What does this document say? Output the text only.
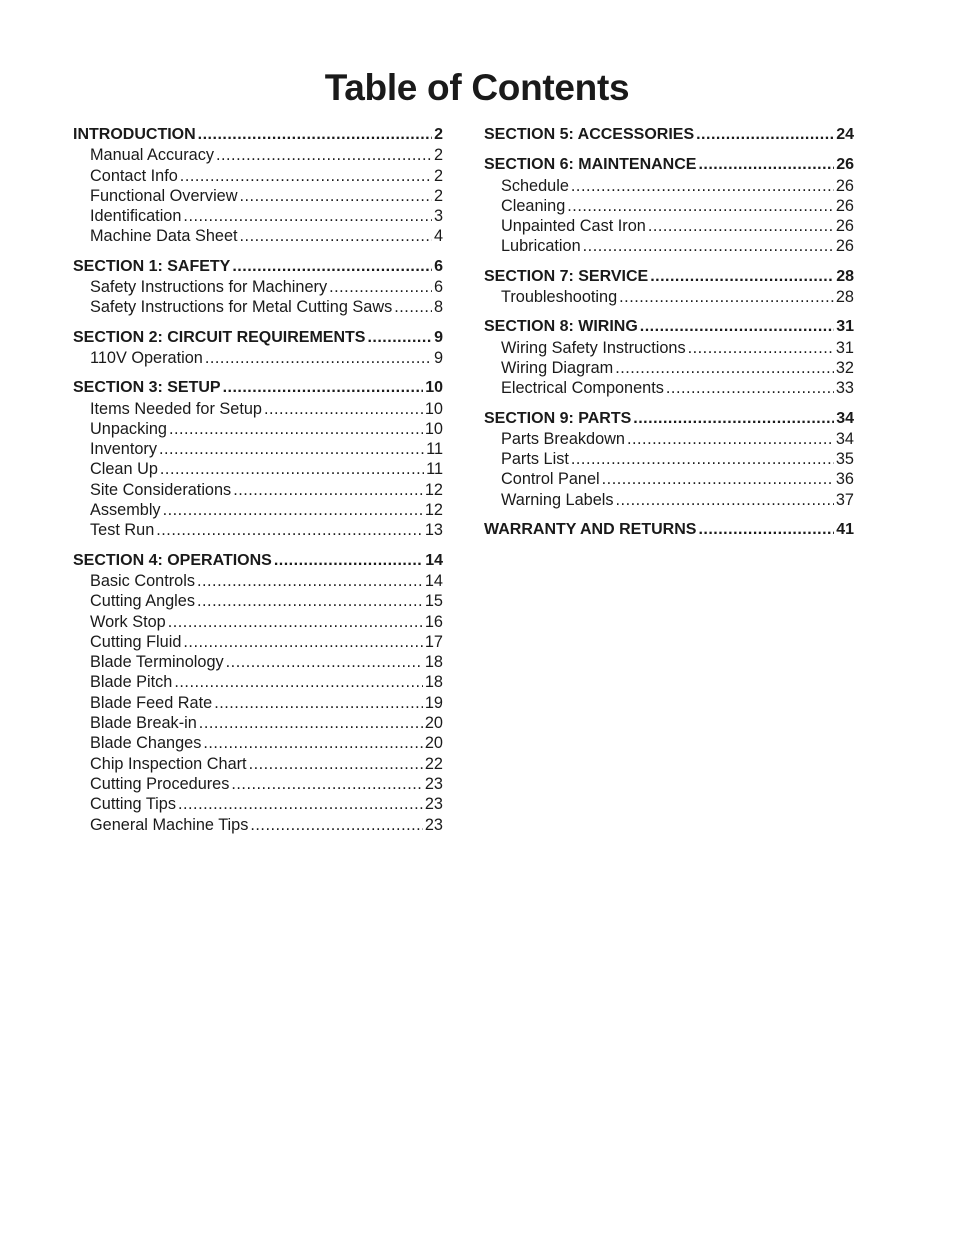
Table of Contents
INTRODUCTION .....	2
Manual Accuracy .....	2
Contact Info .....	2
Functional Overview .....	2
Identification .....	3
Machine Data Sheet .....	4
SECTION 1: SAFETY .....	6
Safety Instructions for Machinery .....	6
Safety Instructions for Metal Cutting Saws .....	8
SECTION 2: CIRCUIT REQUIREMENTS .....	9
110V Operation .....	9
SECTION 3: SETUP .....	10
Items Needed for Setup .....	10
Unpacking .....	10
Inventory .....	11
Clean Up .....	11
Site Considerations .....	12
Assembly .....	12
Test Run .....	13
SECTION 4: OPERATIONS .....	14
Basic Controls .....	14
Cutting Angles .....	15
Work Stop .....	16
Cutting Fluid .....	17
Blade Terminology .....	18
Blade Pitch .....	18
Blade Feed Rate .....	19
Blade Break-in .....	20
Blade Changes .....	20
Chip Inspection Chart .....	22
Cutting Procedures .....	23
Cutting Tips .....	23
General Machine Tips .....	23
SECTION 5: ACCESSORIES .....	24
SECTION 6: MAINTENANCE .....	26
Schedule .....	26
Cleaning .....	26
Unpainted Cast Iron .....	26
Lubrication .....	26
SECTION 7: SERVICE .....	28
Troubleshooting .....	28
SECTION 8: WIRING .....	31
Wiring Safety Instructions .....	31
Wiring Diagram .....	32
Electrical Components .....	33
SECTION 9: PARTS .....	34
Parts Breakdown .....	34
Parts List .....	35
Control Panel .....	36
Warning Labels .....	37
WARRANTY AND RETURNS .....	41
